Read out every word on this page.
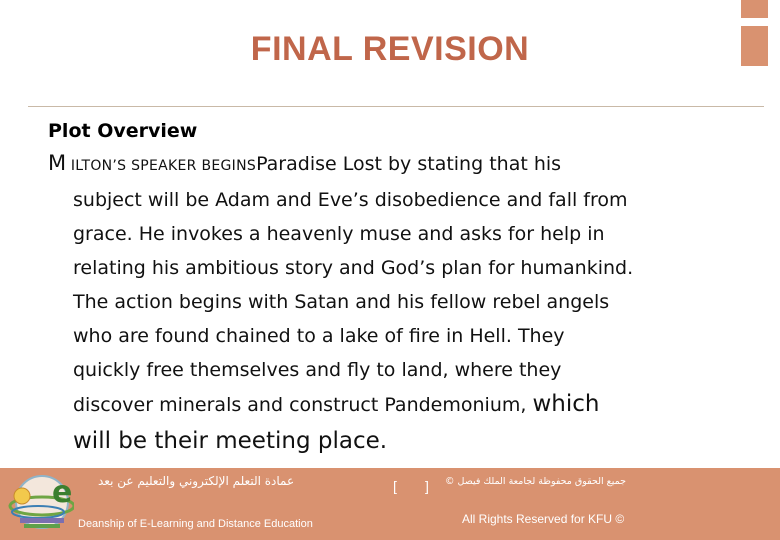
FINAL REVISION
Plot Overview

M ILTON’S SPEAKER BEGINSParadise Lost by stating that his
subject will be Adam and Eve’s disobedience and fall from
grace. He invokes a heavenly muse and asks for help in
relating his ambitious story and God’s plan for humankind.
The action begins with Satan and his fellow rebel angels
who are found chained to a lake of fire in Hell. They
quickly free themselves and fly to land, where they
discover minerals and construct Pandemonium, which
will be their meeting place.

e عمادة التعلم الإلكتروني والتعليم عن بعد
Deanship of E-Learning and Distance Education
[ ] جميع الحقوق محفوظة لجامعة الملك فيصل ©
All Rights Reserved for KFU ©
